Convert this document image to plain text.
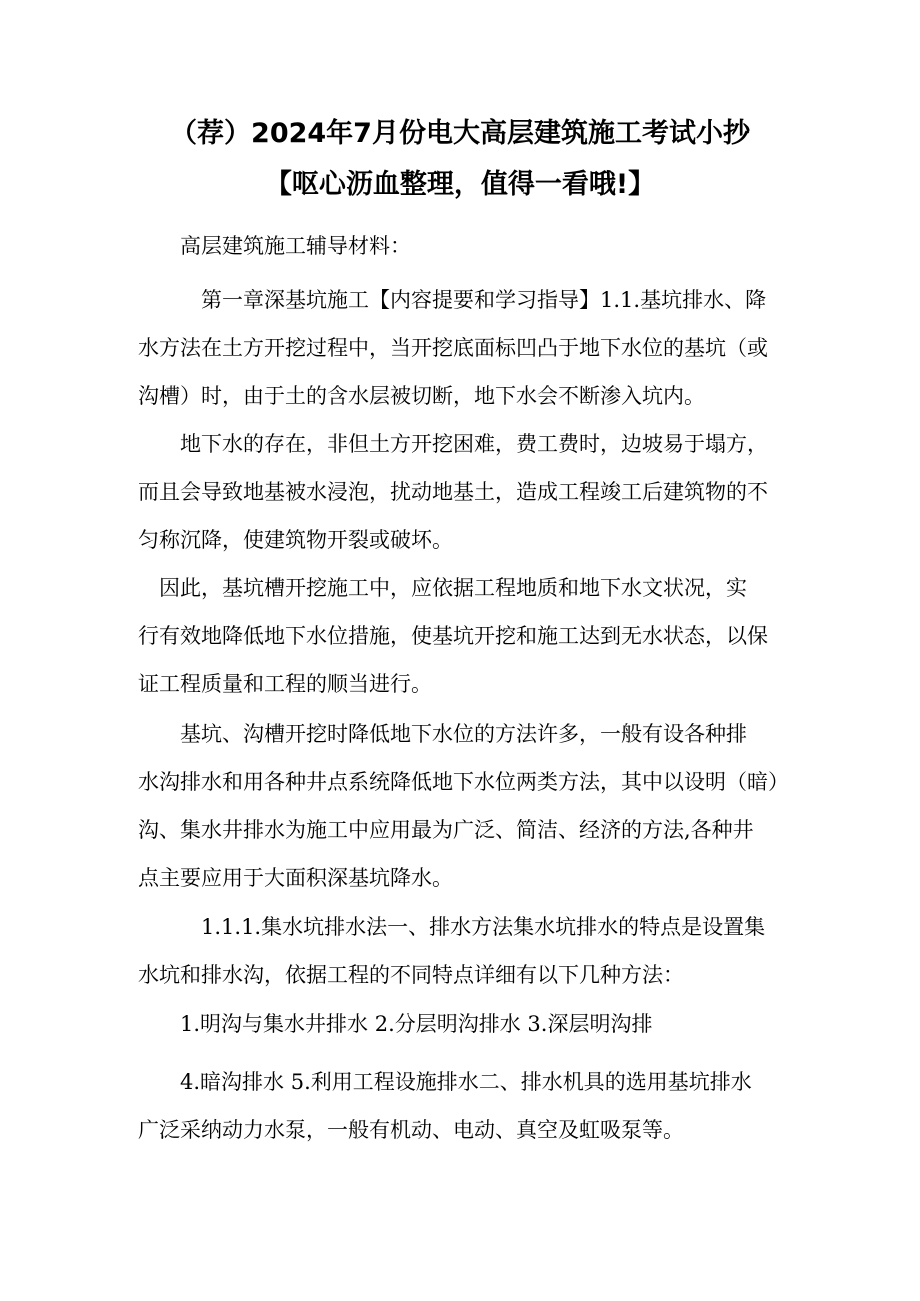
（荐）2024年7月份电大高层建筑施工考试小抄
【呕心沥血整理，值得一看哦!】
　　高层建筑施工辅导材料：
　　　第一章深基坑施工【内容提要和学习指导】1.1.基坑排水、降
水方法在土方开挖过程中，当开挖底面标凹凸于地下水位的基坑（或
沟槽）时，由于土的含水层被切断，地下水会不断渗入坑内。
　　地下水的存在，非但土方开挖困难，费工费时，边坡易于塌方，
而且会导致地基被水浸泡，扰动地基土，造成工程竣工后建筑物的不
匀称沉降，使建筑物开裂或破坏。
　因此，基坑槽开挖施工中，应依据工程地质和地下水文状况，实
行有效地降低地下水位措施，使基坑开挖和施工达到无水状态，以保
证工程质量和工程的顺当进行。
　　基坑、沟槽开挖时降低地下水位的方法许多，一般有设各种排
水沟排水和用各种井点系统降低地下水位两类方法，其中以设明（暗）
沟、集水井排水为施工中应用最为广泛、简洁、经济的方法,各种井
点主要应用于大面积深基坑降水。
　　　1.1.1.集水坑排水法一、排水方法集水坑排水的特点是设置集
水坑和排水沟，依据工程的不同特点详细有以下几种方法：
　　1.明沟与集水井排水 2.分层明沟排水 3.深层明沟排
　　4.暗沟排水 5.利用工程设施排水二、排水机具的选用基坑排水
广泛采纳动力水泵，一般有机动、电动、真空及虹吸泵等。
